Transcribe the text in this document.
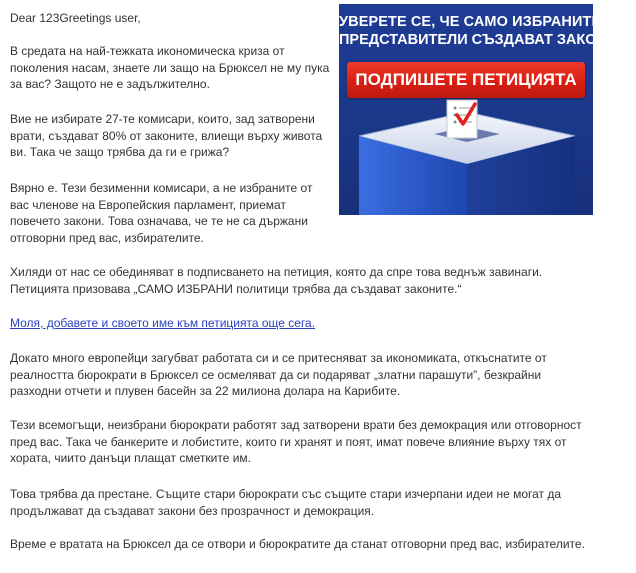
Dear 123Greetings user,

В средата на най-тежката икономическа криза от поколения насам, знаете ли защо на Брюксел не му пука за вас? Защото не е задължително.

Вие не избирате 27-те комисари, които, зад затворени врати, създават 80% от законите, влиещи върху живота ви. Така че защо трябва да ги е грижа?

Вярно е. Тези безименни комисари, а не избраните от вас членове на Европейския парламент, приемат повечето закони. Това означава, че те не са държани отговорни пред вас, избирателите.

Хиляди от нас се обединяват в подписването на петиция, която да спре това веднъж завинаги. Петицията призовава „САМО ИЗБРАНИ политици трябва да създават законите.“

Моля, добавете и своето име към петицията още сега.

Докато много европейци загубват работата си и се притесняват за икономиката, откъснатите от реалността бюрократи в Брюксел се осмеляват да си подаряват „златни парашути”, безкрайни разходни отчети и плувен басейн за 22 милиона долара на Карибите.

Тези всемогъщи, неизбрани бюрократи работят зад затворени врати без демокрация или отговорност пред вас. Така че банкерите и лобистите, които ги хранят и поят, имат повече влияние върху тях от хората, чиито данъци плащат сметките им.

Това трябва да престане. Същите стари бюрократи със същите стари изчерпани идеи не могат да продължават да създават закони без прозрачност и демокрация.

Време е вратата на Брюксел да се отвори и бюрократите да станат отговорни пред вас, избирателите.

УВЕРЕТЕ СЕ, ЧЕ САМО ИЗБРАНИТЕ
ПРЕДСТАВИТЕЛИ СЪЗДАВАТ ЗАКОНИТЕ
ПОДПИШЕТЕ ПЕТИЦИЯТА
